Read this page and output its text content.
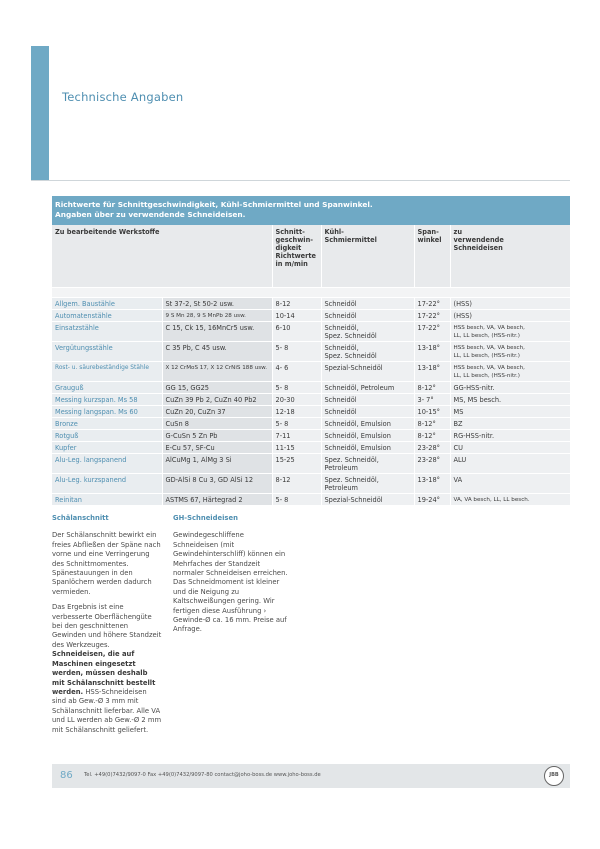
Technische Angaben
Richtwerte für Schnittgeschwindigkeit, Kühl-Schmiermittel und Spanwinkel.
Angaben über zu verwendende Schneideisen.
Zu bearbeitende Werkstoffe		Schnitt-
geschwin-
digkeit
Richtwerte
in m/min	Kühl-
Schmiermittel	Span-
winkel	zu
verwendende
Schneideisen

Allgem. Baustähle	St 37-2, St 50-2 usw.	8-12	Schneidöl	17-22°	(HSS)
Automatenstähle	9 S Mn 28, 9 S MnPb 28 usw.	10-14	Schneidöl	17-22°	(HSS)
Einsatzstähle	C 15, Ck 15, 16MnCr5 usw.	6-10	Schneidöl,
Spez. Schneidöl	17-22°	HSS besch, VA, VA besch,
LL, LL besch, (HSS-nitr.)
Vergütungsstähle	C 35 Pb, C 45 usw.	5- 8	Schneidöl,
Spez. Schneidöl	13-18°	HSS besch, VA, VA besch,
LL, LL besch, (HSS-nitr.)
Rost- u. säurebeständige Stähle	X 12 CrMoS 17, X 12 CrNiS 188 usw.	4- 6	Spezial-Schneidöl	13-18°	HSS besch, VA, VA besch,
LL, LL besch, (HSS-nitr.)
Grauguß	GG 15, GG25	5- 8	Schneidöl, Petroleum	8-12°	GG-HSS-nitr.
Messing kurzspan. Ms 58	CuZn 39 Pb 2, CuZn 40 Pb2	20-30	Schneidöl	3- 7°	MS, MS besch.
Messing langspan. Ms 60	CuZn 20, CuZn 37	12-18	Schneidöl	10-15°	MS
Bronze	CuSn 8	5- 8	Schneidöl, Emulsion	8-12°	BZ
Rotguß	G-CuSn 5 Zn Pb	7-11	Schneidöl, Emulsion	8-12°	RG-HSS-nitr.
Kupfer	E-Cu 57, SF-Cu	11-15	Schneidöl, Emulsion	23-28°	CU
Alu-Leg. langspanend	AlCuMg 1, AlMg 3 Si	15-25	Spez. Schneidöl, Petroleum	23-28°	ALU
Alu-Leg. kurzspanend	GD-AlSi 8 Cu 3, GD AlSi 12	8-12	Spez. Schneidöl, Petroleum	13-18°	VA
Reinitan	ASTMS 67, Härtegrad 2	5- 8	Spezial-Schneidöl	19-24°	VA, VA besch, LL, LL besch.
Schälanschnitt

Der Schälanschnitt bewirkt ein freies Abfließen der Späne nach vorne und eine Verringerung des Schnittmomentes. Spänestauungen in den Spanlöchern werden dadurch vermieden.

Das Ergebnis ist eine verbesserte Oberflächengüte bei den geschnittenen Gewinden und höhere Standzeit des Werkzeuges. Schneideisen, die auf Maschinen eingesetzt werden, müssen deshalb mit Schälanschnitt bestellt werden. HSS-Schneideisen sind ab Gew.-Ø 3 mm mit Schälanschnitt lieferbar. Alle VA und LL werden ab Gew.-Ø 2 mm mit Schälanschnitt geliefert.

GH-Schneideisen

Gewindegeschliffene Schneideisen (mit Gewindehinterschliff) können ein Mehrfaches der Standzeit normaler Schneideisen erreichen. Das Schneidmoment ist kleiner und die Neigung zu Kaltschweißungen gering. Wir fertigen diese Ausführung › Gewinde-Ø ca. 16 mm. Preise auf Anfrage.

86 Tel. +49(0)7432/9097-0 Fax +49(0)7432/9097-80 contact@joho-boss.de www.joho-boss.de	JBB
